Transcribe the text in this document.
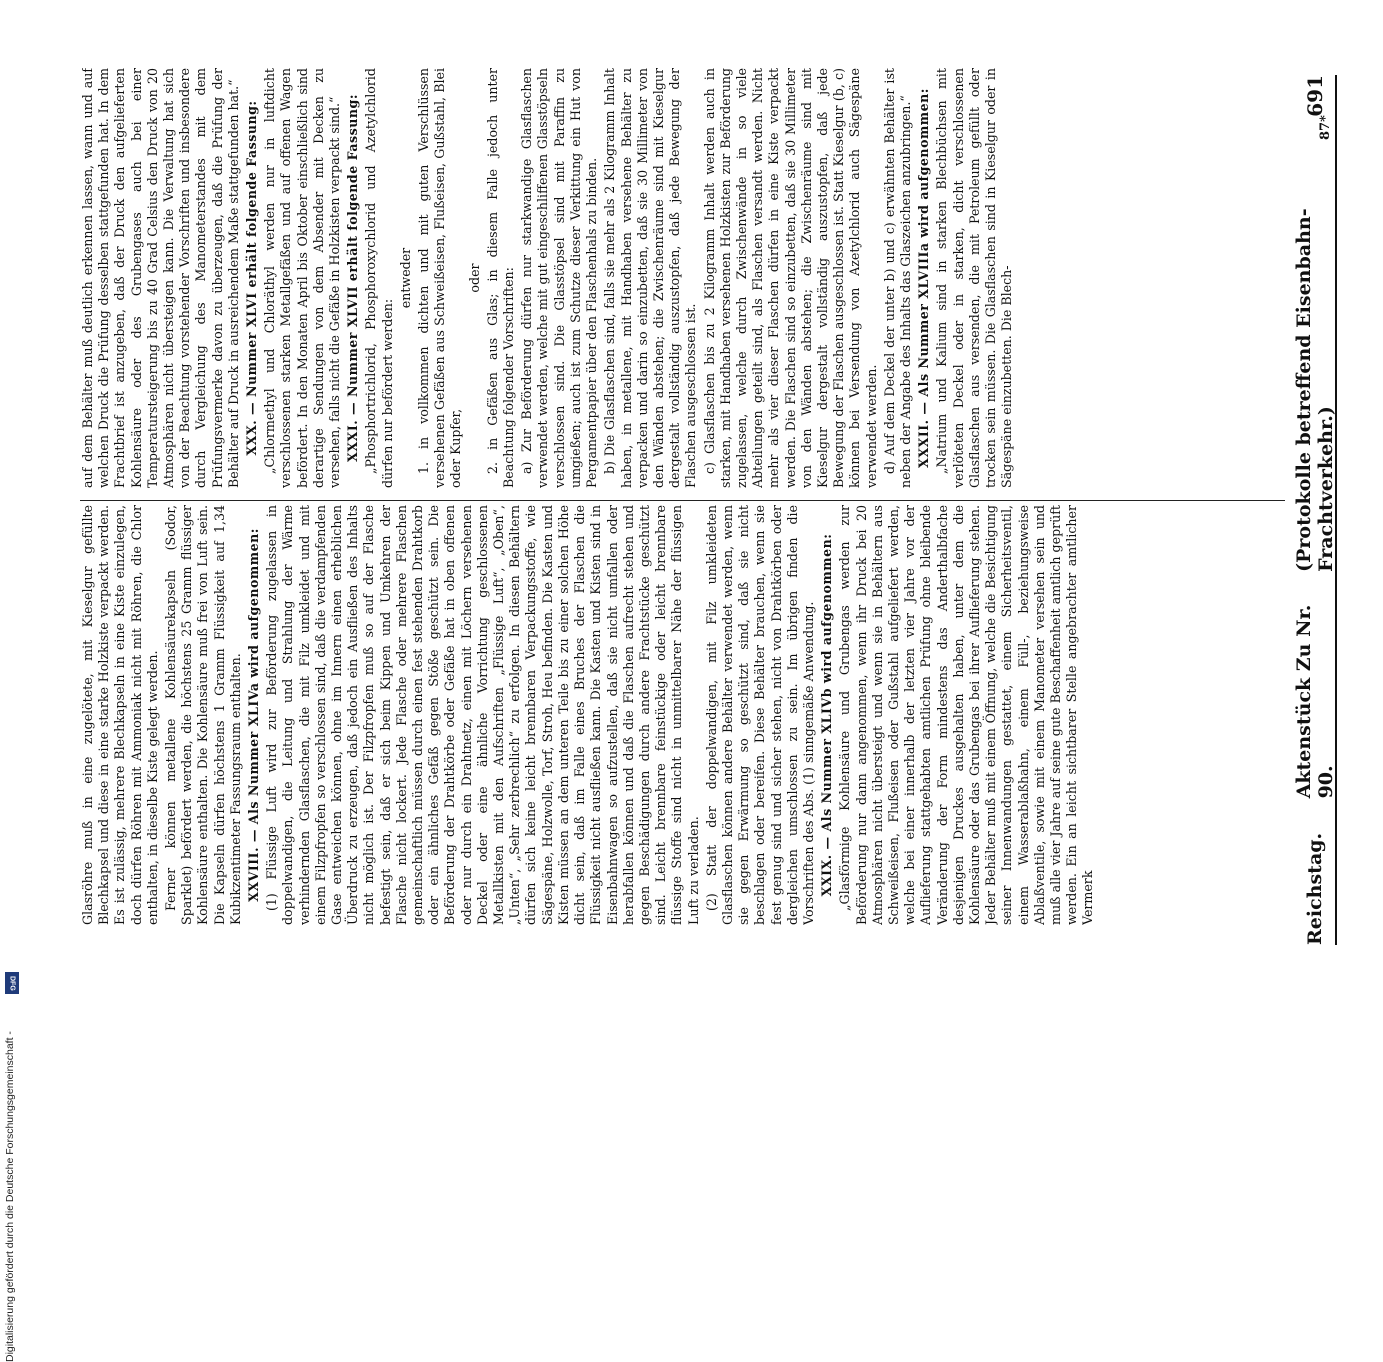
Reichstag.
Aktenstück Zu Nr. 90.
(Protokolle betreffend Eisenbahn-Frachtverkehr.)
691

Glasröhre muß in eine zugelötete, mit Kieselgur gefüllte Blechkapsel und diese in eine starke Holzkiste verpackt werden. Es ist zulässig, mehrere Blechkapseln in eine Kiste einzulegen, doch dürfen Röhren mit Ammoniak nicht mit Röhren, die Chlor enthalten, in dieselbe Kiste gelegt werden. Ferner können metallene Kohlensäurekapseln (Sodor, Sparklet) befördert werden, die höchstens 25 Gramm flüssiger Kohlensäure enthalten. Die Kohlensäure muß frei von Luft sein. Die Kapseln dürfen höchstens 1 Gramm Flüssigkeit auf 1,34 Kubikzentimeter Fassungsraum enthalten. XXVIII. — Als Nummer XLIVa wird aufgenommen: (1) Flüssige Luft wird zur Beförderung zugelassen in doppelwandigen, die Leitung und Strahlung der Wärme verhindernden Glasflaschen, die mit Filz umkleidet und mit einem Filzpfropfen so verschlossen sind, daß die verdampfenden Gase entweichen können, ohne im Innern einen erheblichen Überdruck zu erzeugen, daß jedoch ein Ausfließen des Inhalts nicht möglich ist. Der Filzpfropfen muß so auf der Flasche befestigt sein, daß er sich beim Kippen und Umkehren der Flasche nicht lockert. Jede Flasche oder mehrere Flaschen gemeinschaftlich müssen durch einen fest stehenden Drahtkorb oder ein ähnliches Gefäß gegen Stöße geschützt sein. Die Beförderung der Drahtkörbe oder Gefäße hat in oben offenen oder nur durch ein Drahtnetz, einen mit Löchern versehenen Deckel oder eine ähnliche Vorrichtung geschlossenen Metallkisten mit den Aufschriften „Flüssige Luft“, „Oben“, „Unten“, „Sehr zerbrechlich“ zu erfolgen. In diesen Behältern dürfen sich keine leicht brennbaren Verpackungsstoffe, wie Sägespäne, Holzwolle, Torf, Stroh, Heu befinden. Die Kasten und Kisten müssen an dem unteren Teile bis zu einer solchen Höhe dicht sein, daß im Falle eines Bruches der Flaschen die Flüssigkeit nicht ausfließen kann. Die Kasten und Kisten sind in Eisenbahnwagen so aufzustellen, daß sie nicht umfallen oder herabfallen können und daß die Flaschen aufrecht stehen und gegen Beschädigungen durch andere Frachtstücke geschützt sind. Leicht brennbare feinstückige oder leicht brennbare flüssige Stoffe sind nicht in unmittelbarer Nähe der flüssigen Luft zu verladen. (2) Statt der doppelwandigen, mit Filz umkleideten Glasflaschen können andere Behälter verwendet werden, wenn sie gegen Erwärmung so geschützt sind, daß sie nicht beschlagen oder bereifen. Diese Behälter brauchen, wenn sie fest genug sind und sicher stehen, nicht von Drahtkörben oder dergleichen umschlossen zu sein. Im übrigen finden die Vorschriften des Abs. (1) sinngemäße Anwendung. XXIX. — Als Nummer XLIVb wird aufgenommen: „Glasförmige Kohlensäure und Grubengas werden zur Beförderung nur dann angenommen, wenn ihr Druck bei 20 Atmosphären nicht übersteigt und wenn sie in Behältern aus Schweißeisen, Flußeisen oder Gußstahl aufgeliefert werden, welche bei einer innerhalb der letzten vier Jahre vor der Auflieferung stattgehabten amtlichen Prüfung ohne bleibende Veränderung der Form mindestens das Anderthalbfache desjenigen Druckes ausgehalten haben, unter dem die Kohlensäure oder das Grubengas bei ihrer Auflieferung stehen. Jeder Behälter muß mit einem Öffnung, welche die Besichtigung seiner Innenwandungen gestattet, einem Sicherheitsventil, einem Wasserablaßhahn, einem Füll-, beziehungsweise Ablaßventile, sowie mit einem Manometer versehen sein und muß alle vier Jahre auf seine gute Beschaffenheit amtlich geprüft werden. Ein an leicht sichtbarer Stelle angebrachter amtlicher Vermerk

auf dem Behälter muß deutlich erkennen lassen, wann und auf welchen Druck die Prüfung desselben stattgefunden hat. In dem Frachtbrief ist anzugeben, daß der Druck den aufgelieferten Kohlensäure oder des Grubengases auch bei einer Temperatursteigerung bis zu 40 Grad Celsius den Druck von 20 Atmosphären nicht übersteigen kann. Die Verwaltung hat sich von der Beachtung vorstehender Vorschriften und insbesondere durch Vergleichung des Manometerstandes mit dem Prüfungsvermerke davon zu überzeugen, daß die Prüfung der Behälter auf Druck in ausreichendem Maße stattgefunden hat.“ XXX. — Nummer XLVI erhält folgende Fassung: „Chlormethyl und Chloräthyl werden nur in luftdicht verschlossenen starken Metallgefäßen und auf offenen Wagen befördert. In den Monaten April bis Oktober einschließlich sind derartige Sendungen von dem Absender mit Decken zu versehen, falls nicht die Gefäße in Holzkisten verpackt sind.“ XXXI. — Nummer XLVII erhält folgende Fassung: „Phosphortrichlorid, Phosphoroxychlorid und Azetylchlorid dürfen nur befördert werden:

entweder 1. in vollkommen dichten und mit guten Verschlüssen versehenen Gefäßen aus Schweißeisen, Flußeisen, Gußstahl, Blei oder Kupfer,

oder 2. in Gefäßen aus Glas; in diesem Falle jedoch unter Beachtung folgender Vorschriften: a) Zur Beförderung dürfen nur starkwandige Glasflaschen verwendet werden, welche mit gut eingeschliffenen Glasstöpseln verschlossen sind. Die Glasstöpsel sind mit Paraffin zu umgießen; auch ist zum Schutze dieser Verkittung ein Hut von Pergamentpapier über den Flaschenhals zu binden. b) Die Glasflaschen sind, falls sie mehr als 2 Kilogramm Inhalt haben, in metallene, mit Handhaben versehene Behälter zu verpacken und darin so einzubetten, daß sie 30 Millimeter von den Wänden abstehen; die Zwischenräume sind mit Kieselgur dergestalt vollständig auszustopfen, daß jede Bewegung der Flaschen ausgeschlossen ist. c) Glasflaschen bis zu 2 Kilogramm Inhalt werden auch in starken, mit Handhaben versehenen Holzkisten zur Beförderung zugelassen, welche durch Zwischenwände in so viele Abteilungen geteilt sind, als Flaschen versandt werden. Nicht mehr als vier dieser Flaschen dürfen in eine Kiste verpackt werden. Die Flaschen sind so einzubetten, daß sie 30 Millimeter von den Wänden abstehen; die Zwischenräume sind mit Kieselgur dergestalt vollständig auszustopfen, daß jede Bewegung der Flaschen ausgeschlossen ist. Statt Kieselgur (b, c) können bei Versendung von Azetylchlorid auch Sägespäne verwendet werden. d) Auf dem Deckel der unter b) und c) erwähnten Behälter ist neben der Angabe des Inhalts das Glaszeichen anzubringen.“ XXXII. — Als Nummer XLVIIIa wird aufgenommen: „Natrium und Kalium sind in starken Blechbüchsen mit verlöteten Deckel oder in starken, dicht verschlossenen Glasflaschen aus versenden, die mit Petroleum gefüllt oder trocken sein müssen. Die Glasflaschen sind in Kieselgur oder in Sägespäne einzubetten. Die Blech-

87*
Digitalisierung gefördert durch die Deutsche Forschungsgemeinschaft -
DFG
